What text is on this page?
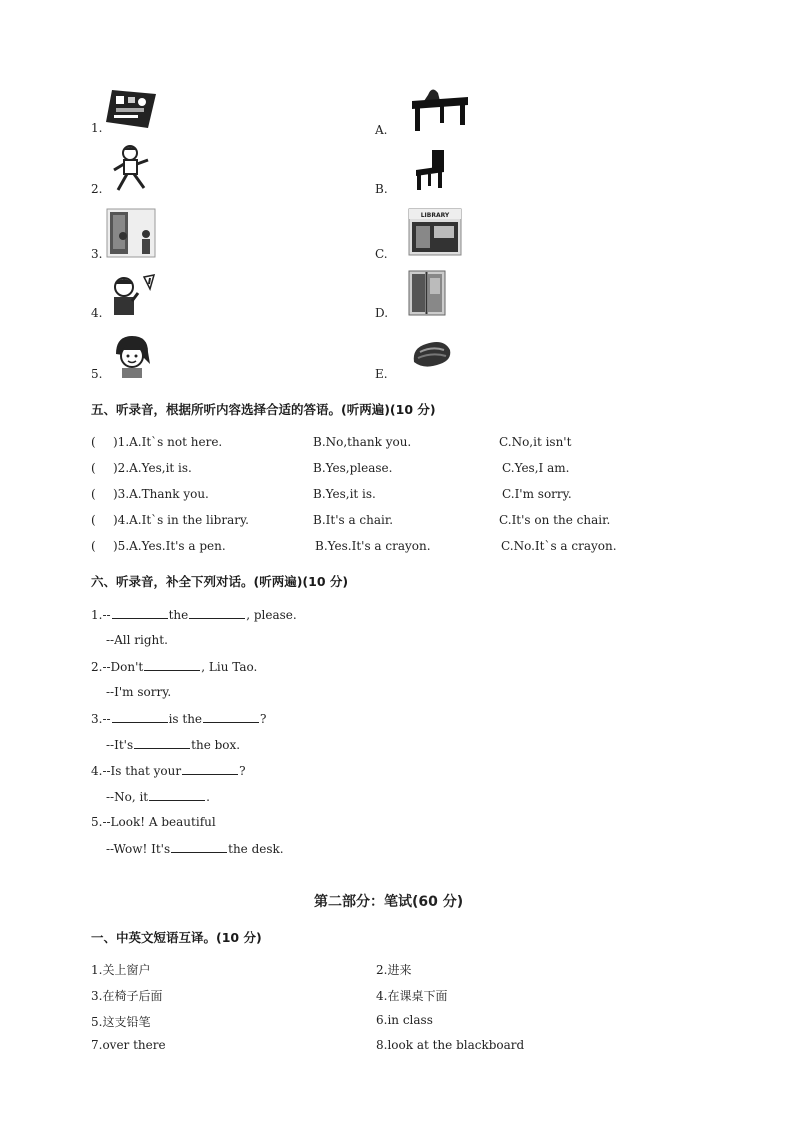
1.
2.
3.
4.
5.
A.
B.
C.
LIBRARY
D.
E.
五、听录音，根据所听内容选择合适的答语。(听两遍)(10 分)
( )1.A.It`s not here.	B.No,thank you.	C.No,it isn't
( )2.A.Yes,it is.	B.Yes,please.	C.Yes,I am.
( )3.A.Thank you.	B.Yes,it is.	C.I'm sorry.
( )4.A.It`s in the library.	B.It's a chair.	C.It's on the chair.
( )5.A.Yes.It's a pen.	B.Yes.It's a crayon.	C.No.It`s a crayon.
六、听录音，补全下列对话。(听两遍)(10 分)
1.--	the	, please.
--All right.
2.--Don't	, Liu Tao.
--I'm sorry.
3.--	is the	?
--It's	the box.
4.--Is that your	?
--No, it	.
5.--Look! A beautiful
--Wow! It's	the desk.
第二部分：笔试(60 分)
一、中英文短语互译。(10 分)
1.关上窗户	2.进来
3.在椅子后面	4.在课桌下面
5.这支铅笔	6.in class
7.over there	8.look at the blackboard
